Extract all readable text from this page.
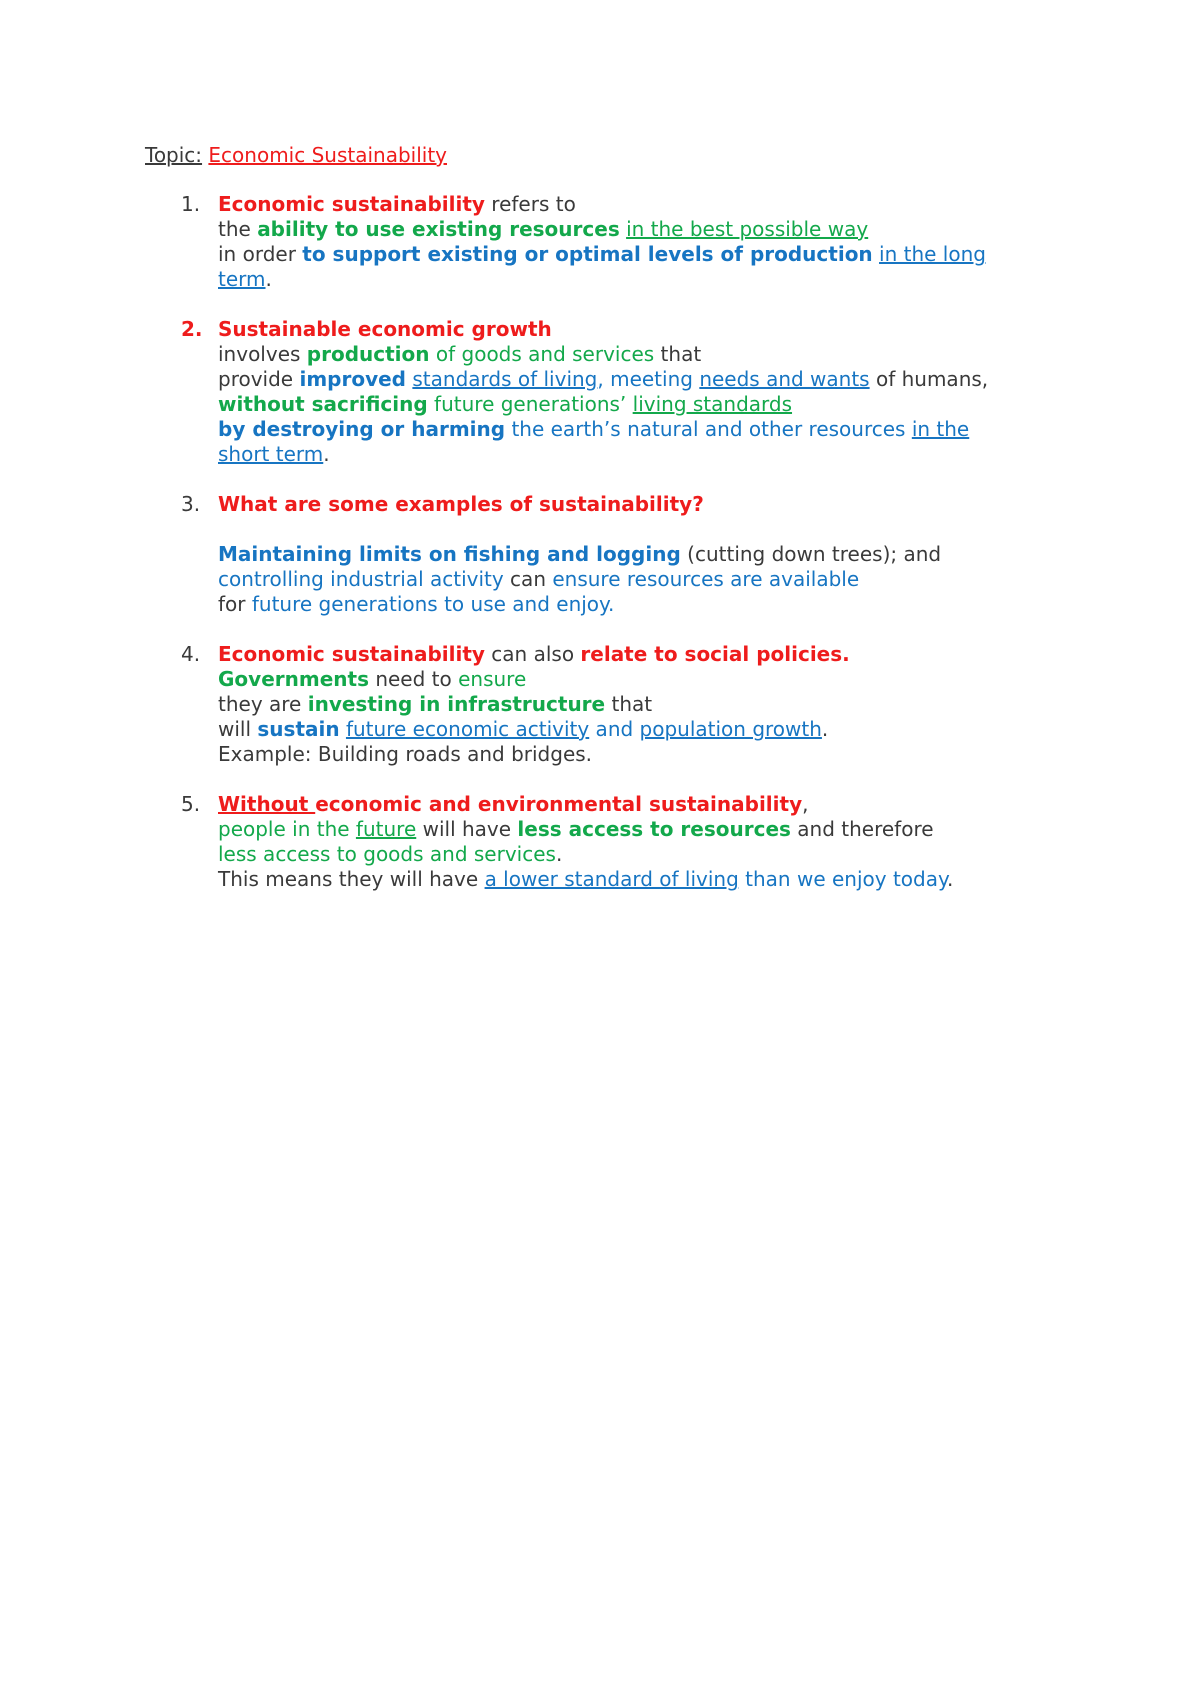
Topic: Economic Sustainability
1. Economic sustainability refers to
the ability to use existing resources in the best possible way
in order to support existing or optimal levels of production in the long
term.
2. Sustainable economic growth
involves production of goods and services that
provide improved standards of living, meeting needs and wants of humans,
without sacrificing future generations’ living standards
by destroying or harming the earth’s natural and other resources in the
short term.
3. What are some examples of sustainability?
Maintaining limits on fishing and logging (cutting down trees); and
controlling industrial activity can ensure resources are available
for future generations to use and enjoy.
4. Economic sustainability can also relate to social policies.
Governments need to ensure
they are investing in infrastructure that
will sustain future economic activity and population growth.
Example: Building roads and bridges.
5. Without economic and environmental sustainability,
people in the future will have less access to resources and therefore
less access to goods and services.
This means they will have a lower standard of living than we enjoy today.
